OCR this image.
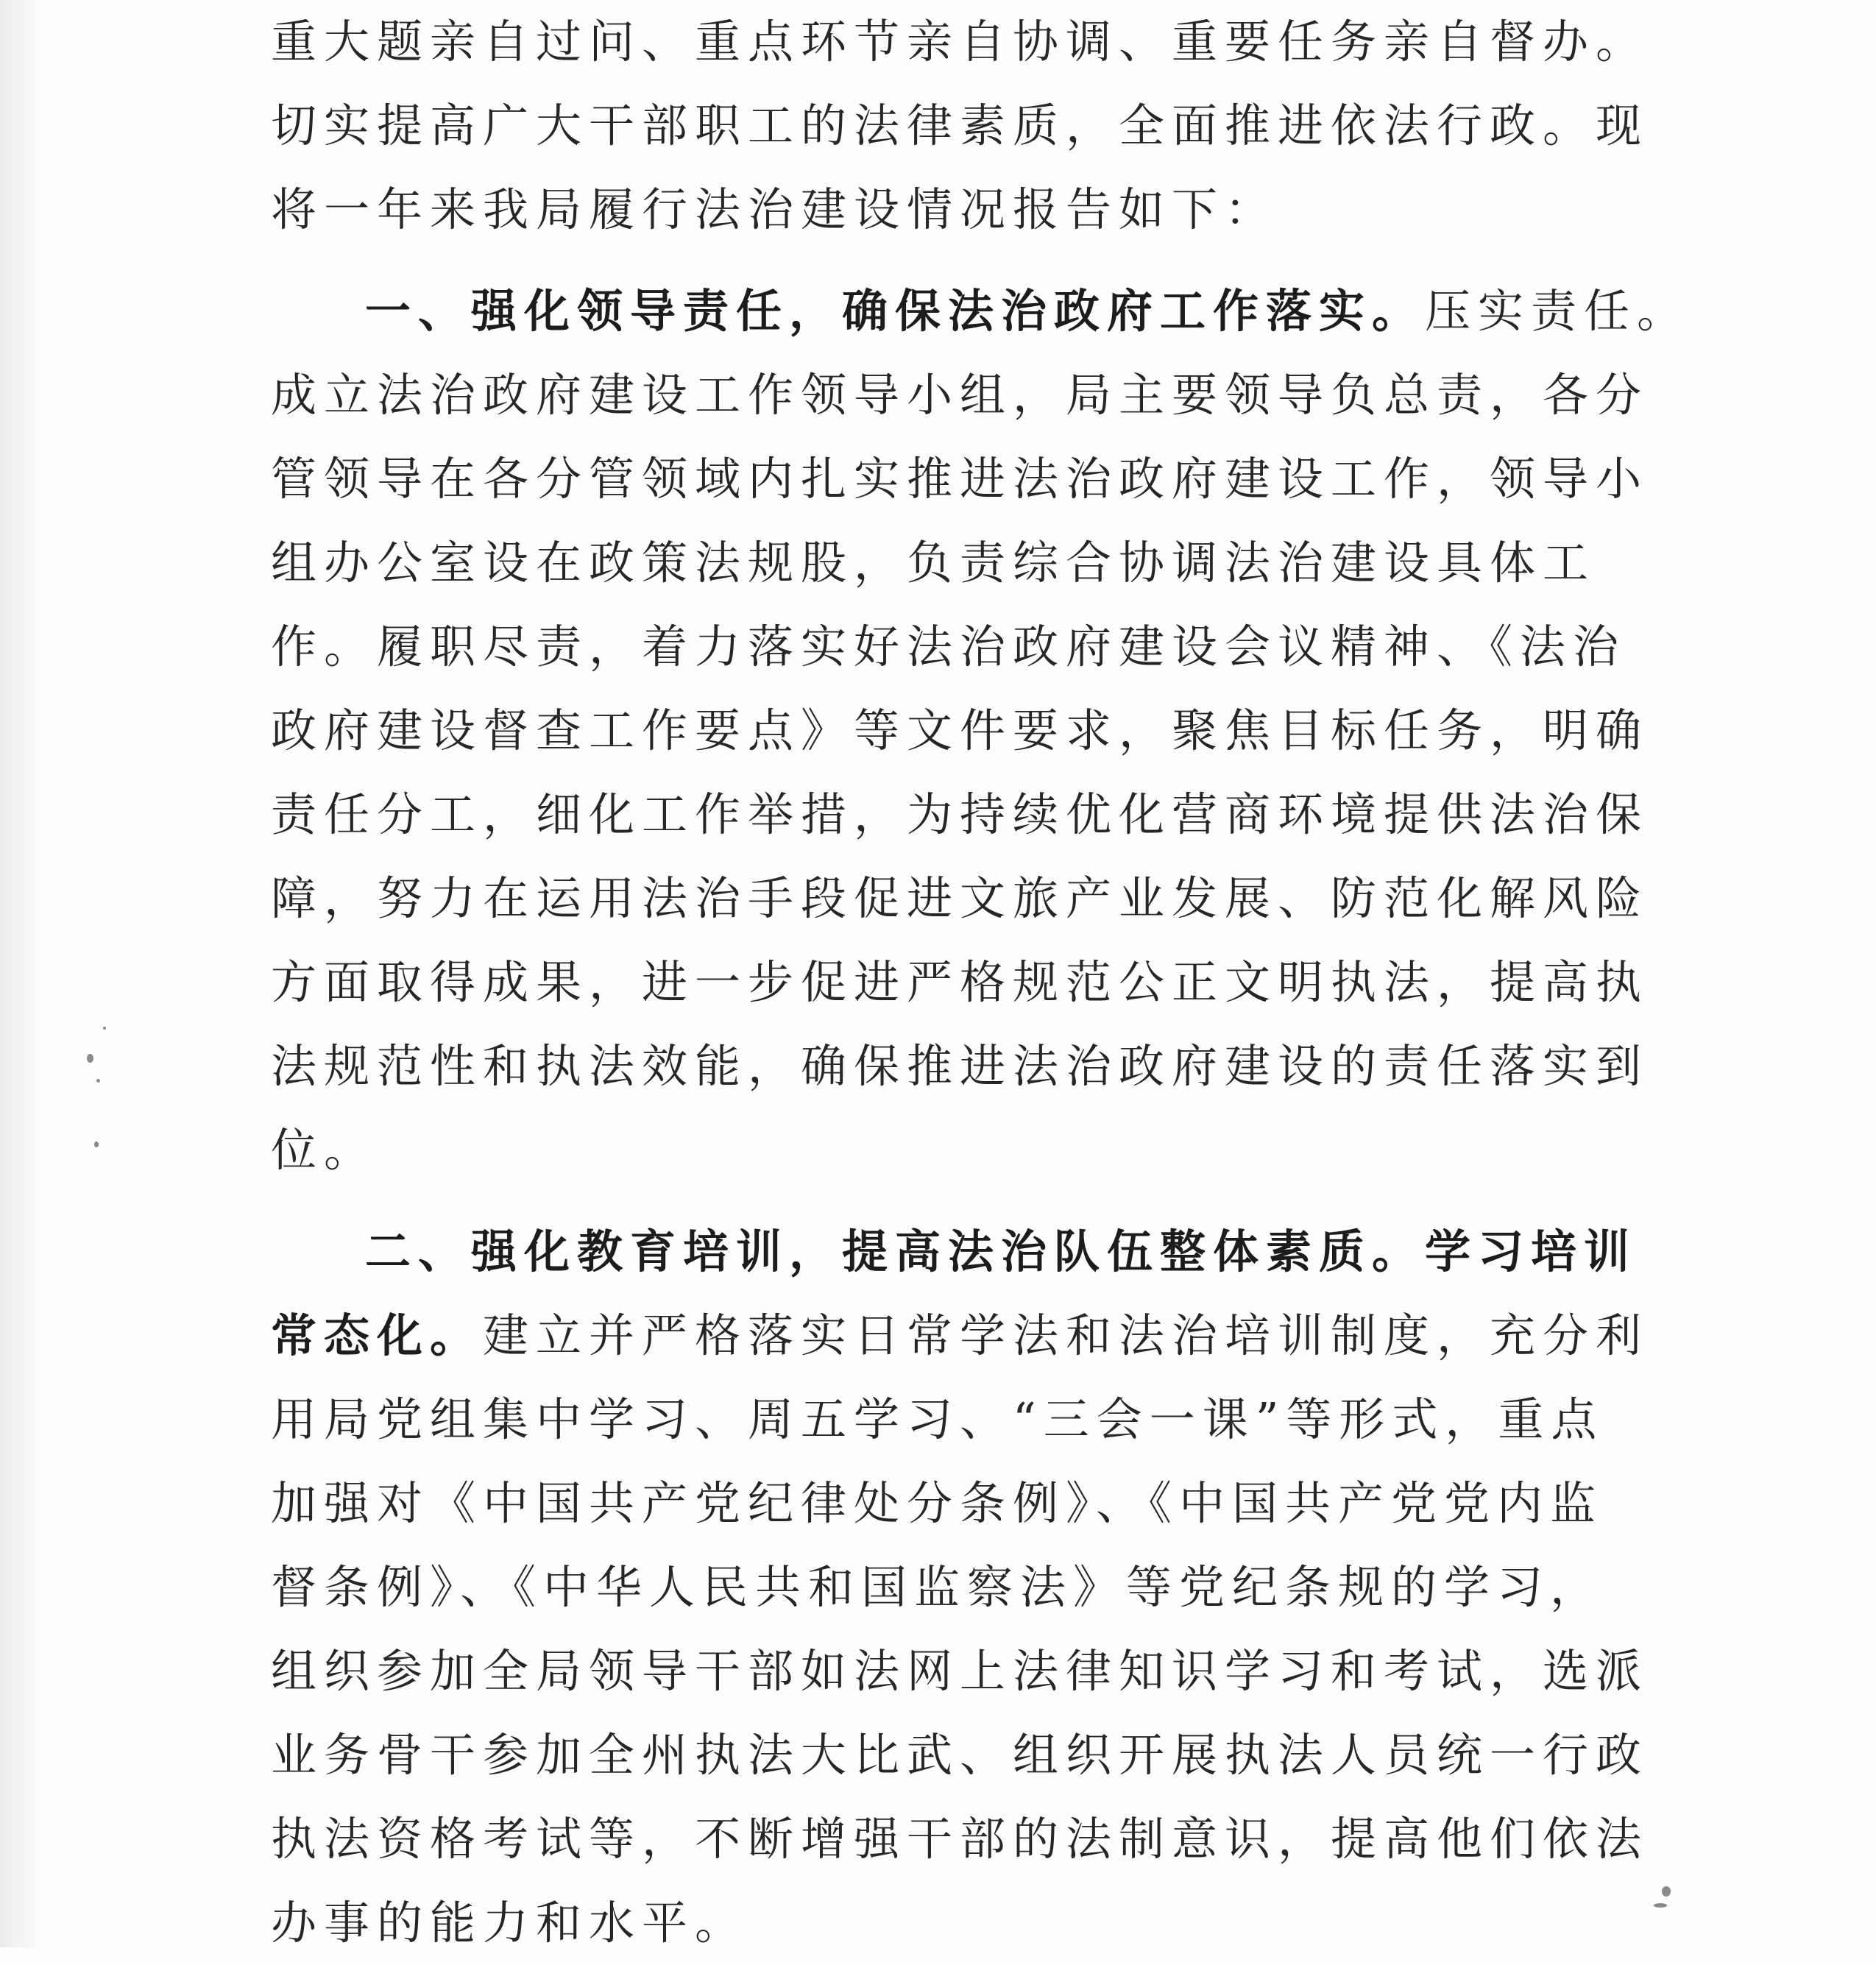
重大题亲自过问、重点环节亲自协调、重要任务亲自督办。
切实提高广大干部职工的法律素质，全面推进依法行政。现
将一年来我局履行法治建设情况报告如下：
一、强化领导责任，确保法治政府工作落实。压实责任。
成立法治政府建设工作领导小组，局主要领导负总责，各分
管领导在各分管领域内扎实推进法治政府建设工作，领导小
组办公室设在政策法规股，负责综合协调法治建设具体工
作。履职尽责，着力落实好法治政府建设会议精神、《法治
政府建设督查工作要点》等文件要求，聚焦目标任务，明确
责任分工，细化工作举措，为持续优化营商环境提供法治保
障，努力在运用法治手段促进文旅产业发展、防范化解风险
方面取得成果，进一步促进严格规范公正文明执法，提高执
法规范性和执法效能，确保推进法治政府建设的责任落实到
位。
二、强化教育培训，提高法治队伍整体素质。学习培训
常态化。建立并严格落实日常学法和法治培训制度，充分利
用局党组集中学习、周五学习、“三会一课”等形式，重点
加强对《中国共产党纪律处分条例》、《中国共产党党内监
督条例》、《中华人民共和国监察法》等党纪条规的学习，
组织参加全局领导干部如法网上法律知识学习和考试，选派
业务骨干参加全州执法大比武、组织开展执法人员统一行政
执法资格考试等，不断增强干部的法制意识，提高他们依法
办事的能力和水平。
